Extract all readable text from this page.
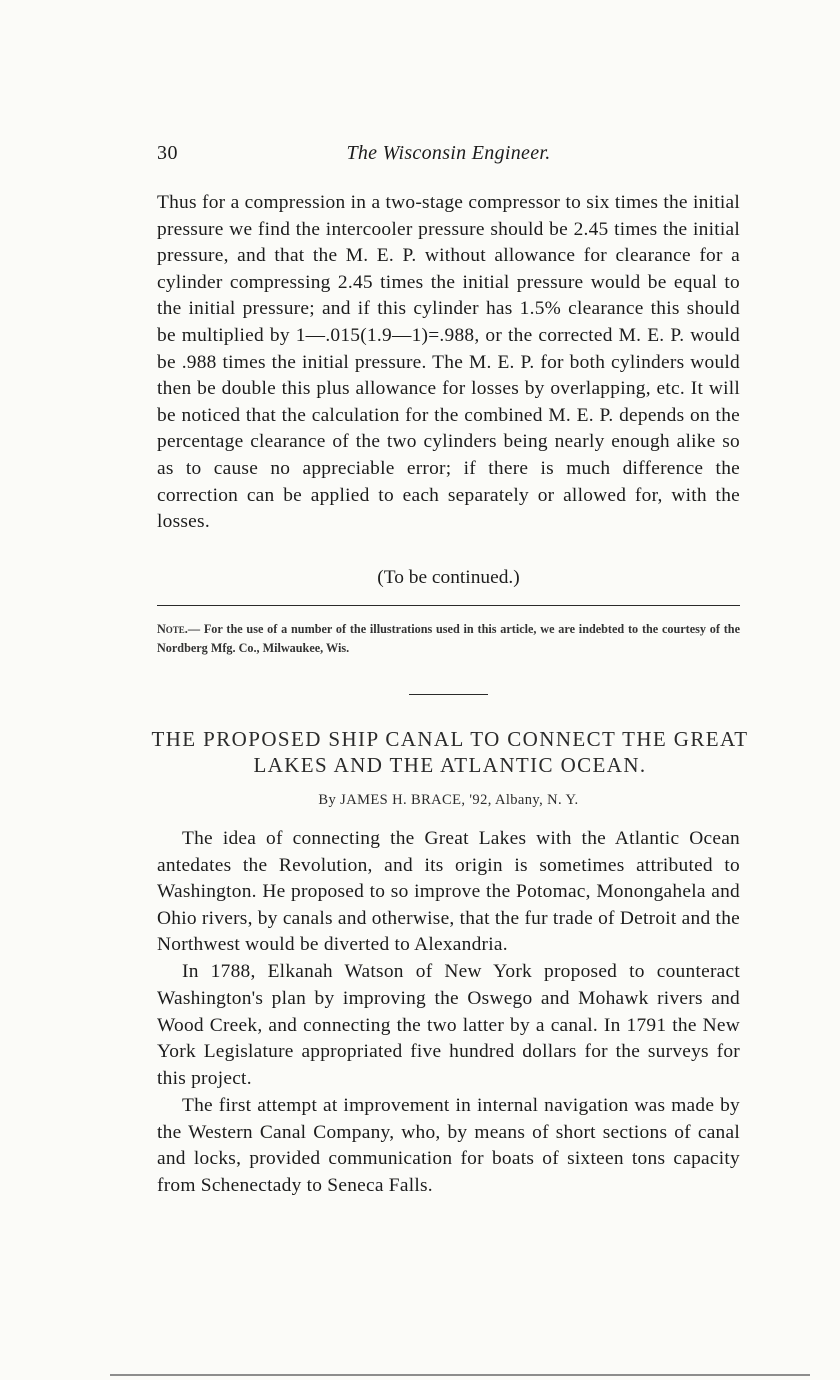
30	The Wisconsin Engineer.

Thus for a compression in a two-stage compressor to six times the initial pressure we find the intercooler pressure should be 2.45 times the initial pressure, and that the M. E. P. without allowance for clearance for a cylinder compressing 2.45 times the initial pressure would be equal to the initial pressure; and if this cylinder has 1.5% clearance this should be multiplied by 1—.015(1.9—1)=.988, or the corrected M. E. P. would be .988 times the initial pressure. The M. E. P. for both cylinders would then be double this plus allowance for losses by overlapping, etc. It will be noticed that the calculation for the combined M. E. P. depends on the percentage clearance of the two cylinders being nearly enough alike so as to cause no appreciable error; if there is much difference the correction can be applied to each separately or allowed for, with the losses.

(To be continued.)
Note.— For the use of a number of the illustrations used in this article, we are indebted to the courtesy of the Nordberg Mfg. Co., Milwaukee, Wis.
THE PROPOSED SHIP CANAL TO CONNECT THE GREAT LAKES AND THE ATLANTIC OCEAN.
By JAMES H. BRACE, '92, Albany, N. Y.

The idea of connecting the Great Lakes with the Atlantic Ocean antedates the Revolution, and its origin is sometimes attributed to Washington. He proposed to so improve the Potomac, Monongahela and Ohio rivers, by canals and otherwise, that the fur trade of Detroit and the Northwest would be diverted to Alexandria.

In 1788, Elkanah Watson of New York proposed to counteract Washington's plan by improving the Oswego and Mohawk rivers and Wood Creek, and connecting the two latter by a canal. In 1791 the New York Legislature appropriated five hundred dollars for the surveys for this project.

The first attempt at improvement in internal navigation was made by the Western Canal Company, who, by means of short sections of canal and locks, provided communication for boats of sixteen tons capacity from Schenectady to Seneca Falls.
